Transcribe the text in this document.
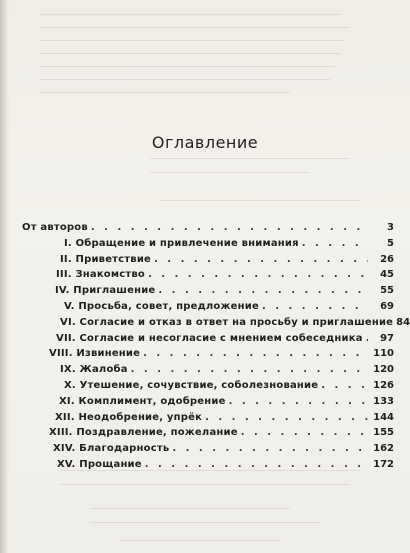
Оглавление
От авторов . . .	3
I. Обращение и привлечение внимания . . .	5
II. Приветствие . . .	26
III. Знакомство . . .	45
IV. Приглашение . . .	55
V. Просьба, совет, предложение . . .	69
VI. Согласие и отказ в ответ на просьбу и приглашение 84
VII. Согласие и несогласие с мнением собеседника . . .	97
VIII. Извинение . . .	110
IX. Жалоба . . .	120
X. Утешение, сочувствие, соболезнование . . .	126
XI. Комплимент, одобрение . . .	133
XII. Неодобрение, упрёк . . .	144
XIII. Поздравление, пожелание . . .	155
XIV. Благодарность . . .	162
XV. Прощание . . .	172
